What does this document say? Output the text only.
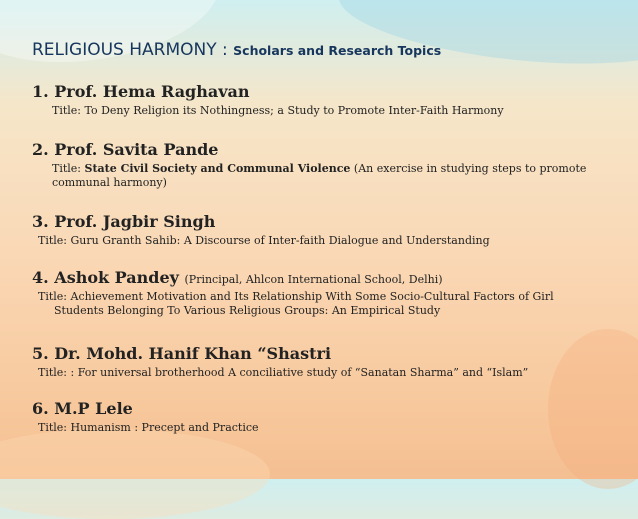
RELIGIOUS HARMONY : Scholars and Research Topics
1. Prof. Hema Raghavan
Title: To Deny Religion its Nothingness; a Study to Promote Inter-Faith Harmony
2. Prof. Savita Pande
Title: State Civil Society and Communal Violence (An exercise in studying steps to promote communal harmony)
3. Prof. Jagbir Singh
Title: Guru Granth Sahib: A Discourse of Inter-faith Dialogue and Understanding
4. Ashok Pandey (Principal, Ahlcon International School, Delhi)
Title: Achievement Motivation and Its Relationship With Some Socio-Cultural Factors of Girl Students Belonging To Various Religious Groups: An Empirical Study
5. Dr. Mohd. Hanif Khan “Shastri
Title: : For universal brotherhood A conciliative study of “Sanatan Sharma” and “Islam”
6. M.P Lele
Title: Humanism : Precept and Practice
